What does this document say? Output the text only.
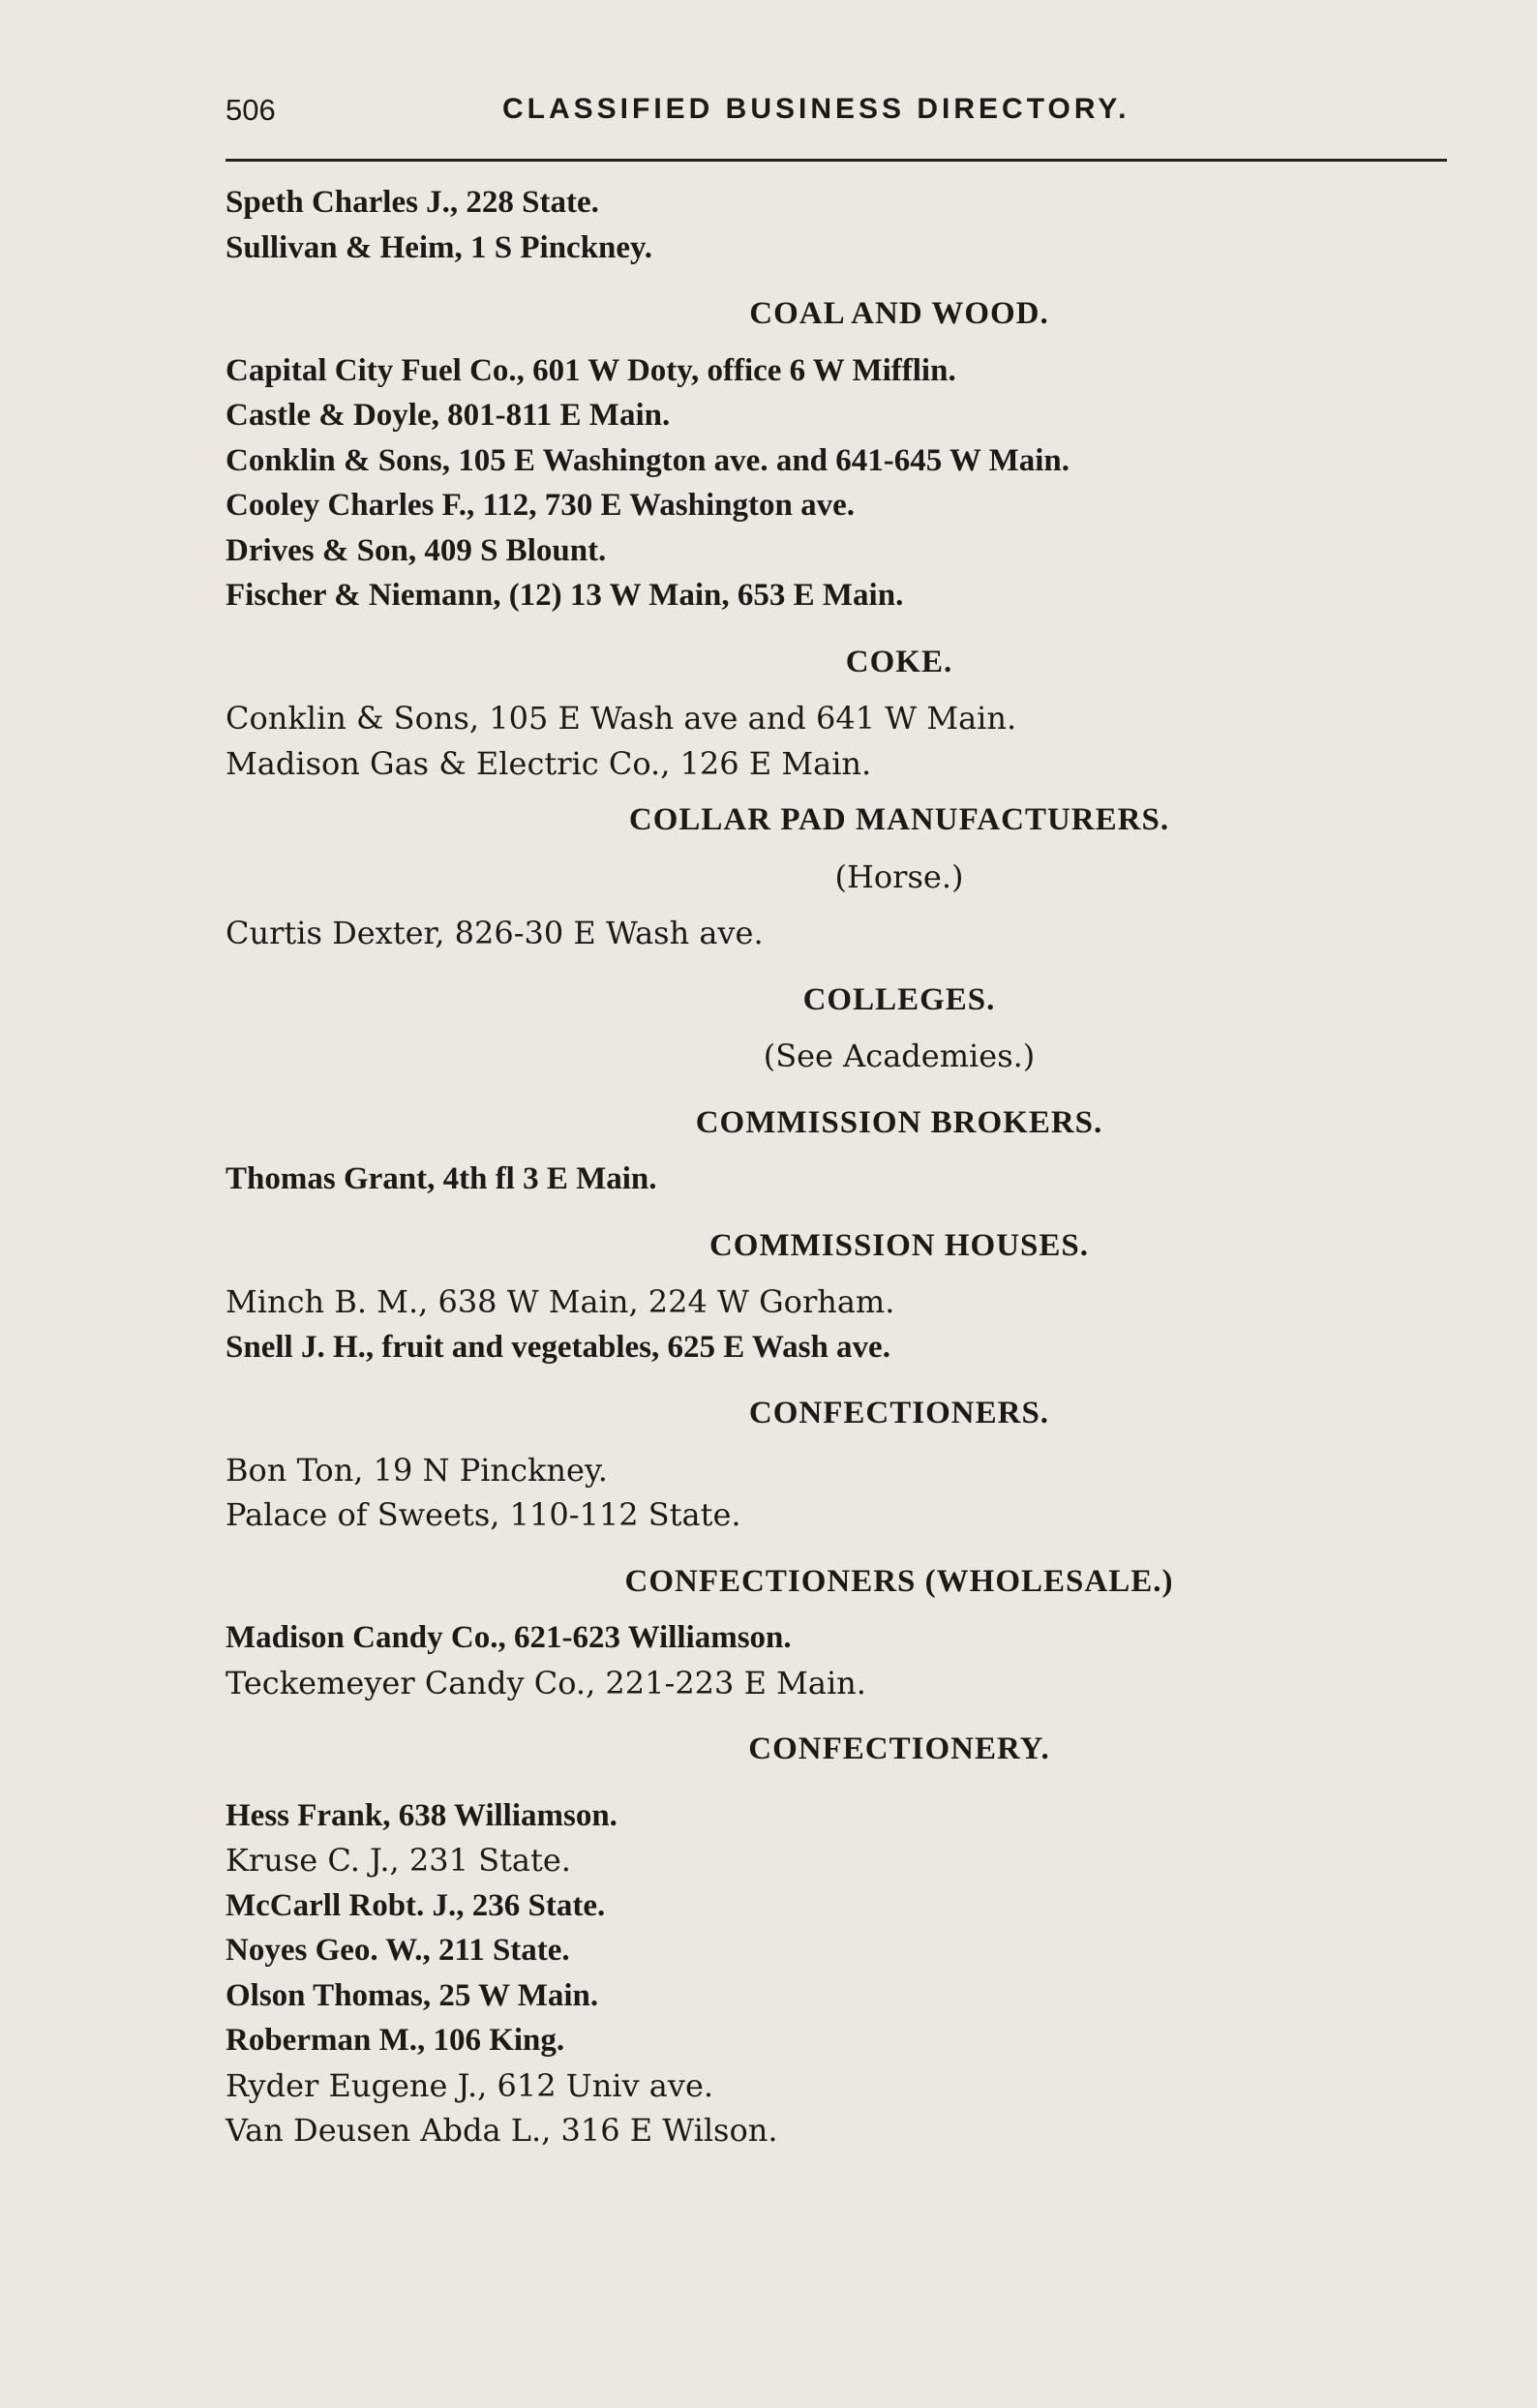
506	CLASSIFIED BUSINESS DIRECTORY.
Speth Charles J., 228 State.
Sullivan & Heim, 1 S Pinckney.
COAL AND WOOD.
Capital City Fuel Co., 601 W Doty, office 6 W Mifflin.
Castle & Doyle, 801-811 E Main.
Conklin & Sons, 105 E Washington ave. and 641-645 W Main.
Cooley Charles F., 112, 730 E Washington ave.
Drives & Son, 409 S Blount.
Fischer & Niemann, (12) 13 W Main, 653 E Main.
COKE.
Conklin & Sons, 105 E Wash ave and 641 W Main.
Madison Gas & Electric Co., 126 E Main.
COLLAR PAD MANUFACTURERS.
(Horse.)
Curtis Dexter, 826-30 E Wash ave.
COLLEGES.
(See Academies.)
COMMISSION BROKERS.
Thomas Grant, 4th fl 3 E Main.
COMMISSION HOUSES.
Minch B. M., 638 W Main, 224 W Gorham.
Snell J. H., fruit and vegetables, 625 E Wash ave.
CONFECTIONERS.
Bon Ton, 19 N Pinckney.
Palace of Sweets, 110-112 State.
CONFECTIONERS (WHOLESALE.)
Madison Candy Co., 621-623 Williamson.
Teckemeyer Candy Co., 221-223 E Main.
CONFECTIONERY.
Hess Frank, 638 Williamson.
Kruse C. J., 231 State.
McCarll Robt. J., 236 State.
Noyes Geo. W., 211 State.
Olson Thomas, 25 W Main.
Roberman M., 106 King.
Ryder Eugene J., 612 Univ ave.
Van Deusen Abda L., 316 E Wilson.
